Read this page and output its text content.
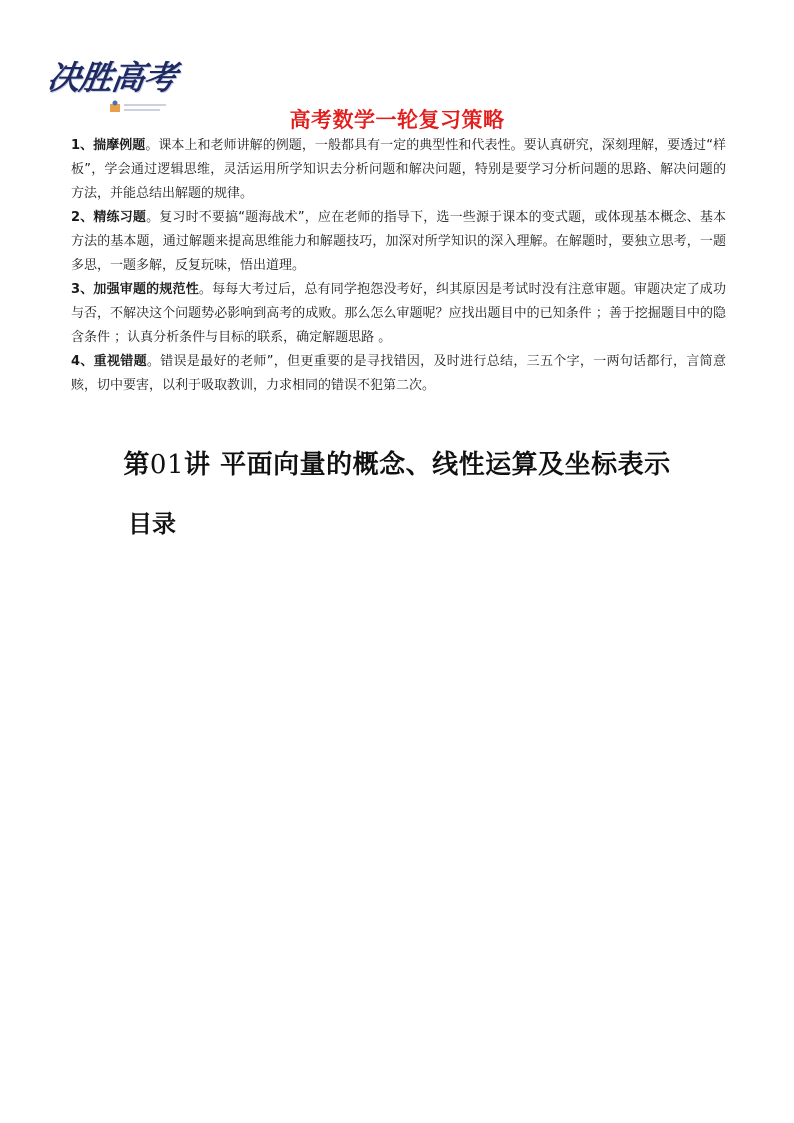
决胜高考
高考数学一轮复习策略

1、揣摩例题。课本上和老师讲解的例题，一般都具有一定的典型性和代表性。要认真研究，深刻理解，要透过“样板”，学会通过逻辑思维，灵活运用所学知识去分析问题和解决问题，特别是要学习分析问题的思路、解决问题的方法，并能总结出解题的规律。

2、精练习题。复习时不要搞“题海战术”，应在老师的指导下，选一些源于课本的变式题，或体现基本概念、基本方法的基本题，通过解题来提高思维能力和解题技巧，加深对所学知识的深入理解。在解题时，要独立思考，一题多思，一题多解，反复玩味，悟出道理。

3、加强审题的规范性。每每大考过后，总有同学抱怨没考好，纠其原因是考试时没有注意审题。审题决定了成功与否，不解决这个问题势必影响到高考的成败。那么怎么审题呢？应找出题目中的已知条件 ；善于挖掘题目中的隐含条件 ；认真分析条件与目标的联系，确定解题思路 。

4、重视错题。错误是最好的老师”，但更重要的是寻找错因，及时进行总结，三五个字，一两句话都行，言简意赅，切中要害，以利于吸取教训，力求相同的错误不犯第二次。

第01讲 平面向量的概念、线性运算及坐标表示
目录
